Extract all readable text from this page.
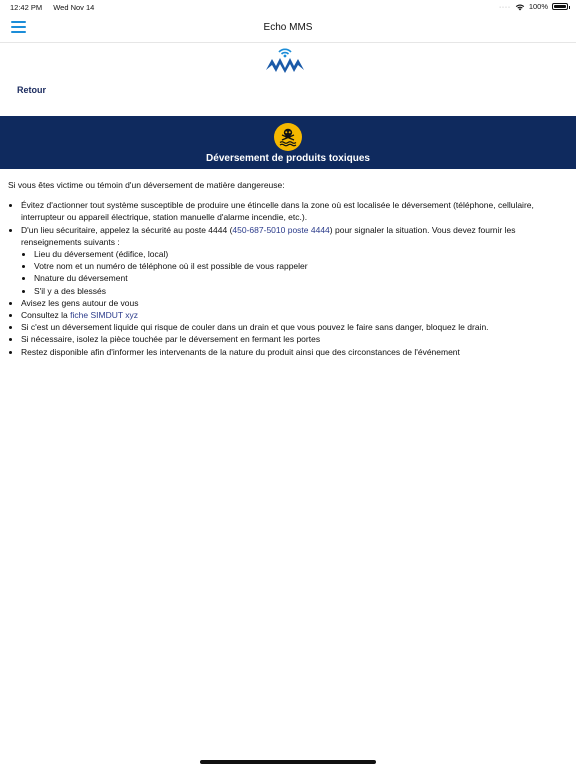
12:42 PM Wed Nov 14	···· 100%
Echo MMS
Retour
Déversement de produits toxiques

Si vous êtes victime ou témoin d'un déversement de matière dangereuse:

• Évitez d'actionner tout système susceptible de produire une étincelle dans la zone où est localisée le déversement (téléphone, cellulaire, interrupteur ou appareil électrique, station manuelle d'alarme incendie, etc.).
• D'un lieu sécuritaire, appelez la sécurité au poste 4444 (450-687-5010 poste 4444) pour signaler la situation. Vous devez fournir les renseignements suivants :
• Lieu du déversement (édifice, local)
• Votre nom et un numéro de téléphone où il est possible de vous rappeler
• Nnature du déversement
• S'il y a des blessés
• Avisez les gens autour de vous
• Consultez la fiche SIMDUT xyz
• Si c'est un déversement liquide qui risque de couler dans un drain et que vous pouvez le faire sans danger, bloquez le drain.
• Si nécessaire, isolez la pièce touchée par le déversement en fermant les portes
• Restez disponible afin d'informer les intervenants de la nature du produit ainsi que des circonstances de l'événement
